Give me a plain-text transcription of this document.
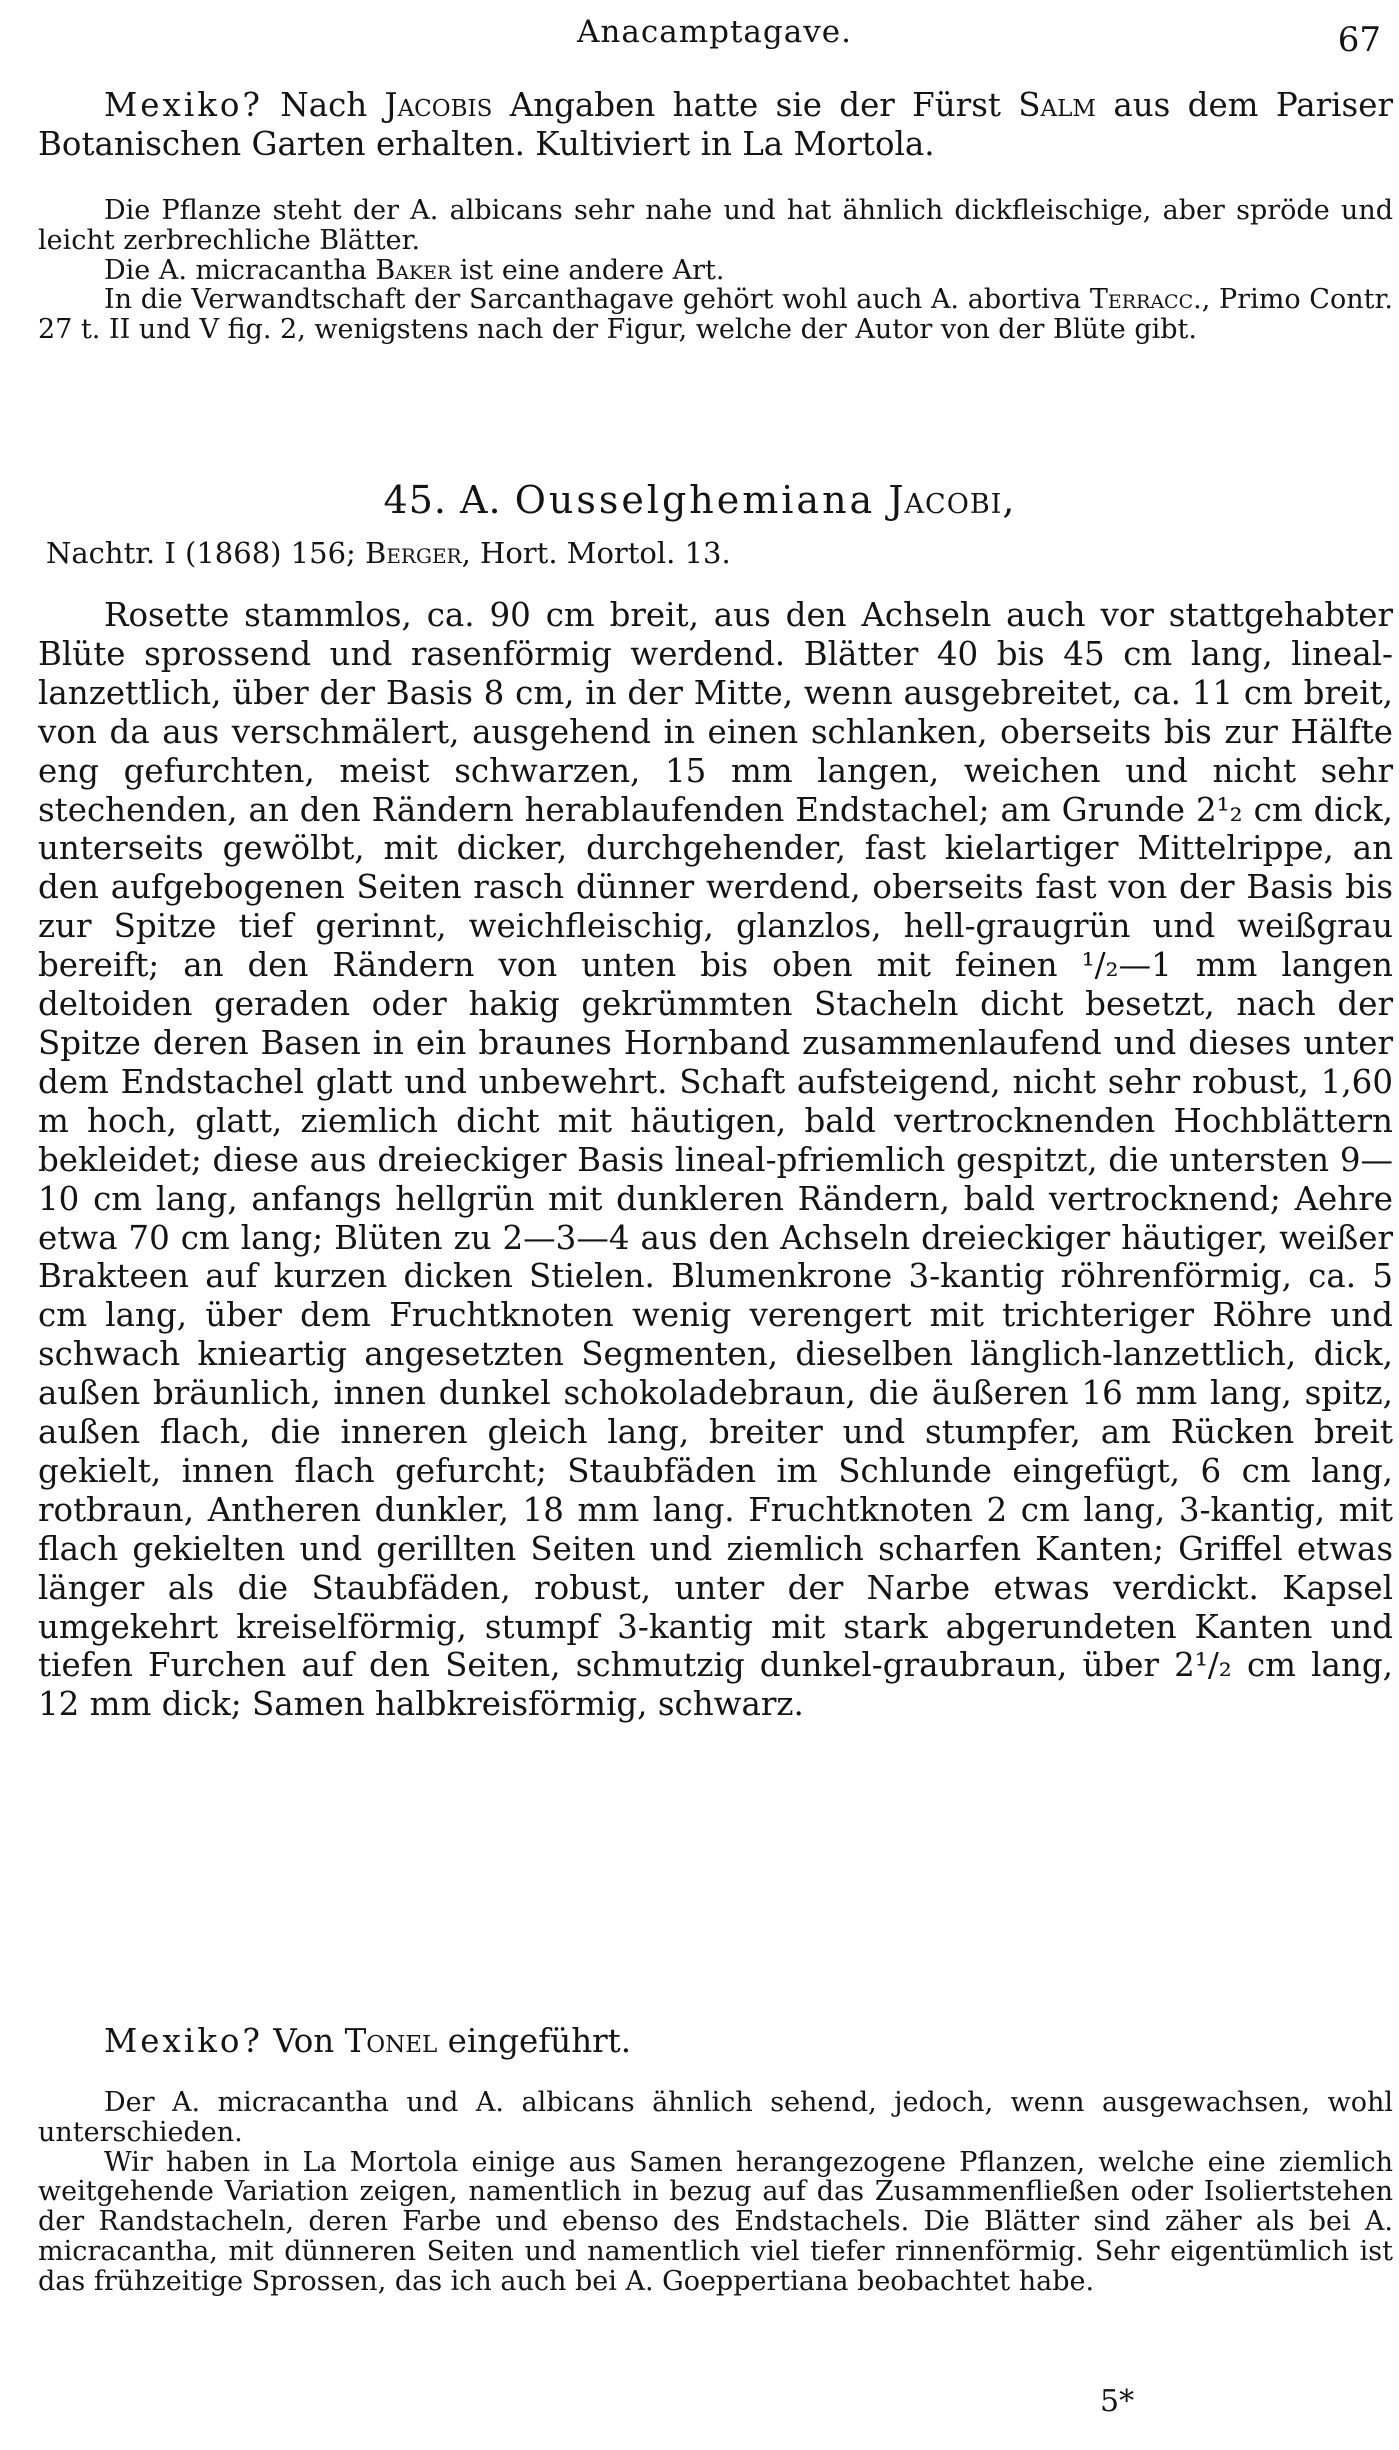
Anacamptagave.	67

Mexiko? Nach Jacobis Angaben hatte sie der Fürst Salm aus dem Pariser Botanischen Garten erhalten. Kultiviert in La Mortola.

Die Pflanze steht der A. albicans sehr nahe und hat ähnlich dickfleischige, aber spröde und leicht zerbrechliche Blätter.

Die A. micracantha Baker ist eine andere Art.

In die Verwandtschaft der Sarcanthagave gehört wohl auch A. abortiva Terracc., Primo Contr. 27 t. II und V fig. 2, wenigstens nach der Figur, welche der Autor von der Blüte gibt.

45. A. Ousselghemiana Jacobi,
Nachtr. I (1868) 156; Berger, Hort. Mortol. 13.

Rosette stammlos, ca. 90 cm breit, aus den Achseln auch vor stattgehabter Blüte sprossend und rasenförmig werdend. Blätter 40 bis 45 cm lang, lineal-lanzettlich, über der Basis 8 cm, in der Mitte, wenn ausgebreitet, ca. 11 cm breit, von da aus verschmälert, ausgehend in einen schlanken, oberseits bis zur Hälfte eng gefurchten, meist schwarzen, 15 mm langen, weichen und nicht sehr stechenden, an den Rändern herablaufenden Endstachel; am Grunde 2¹₂ cm dick, unterseits gewölbt, mit dicker, durchgehender, fast kielartiger Mittelrippe, an den aufgebogenen Seiten rasch dünner werdend, oberseits fast von der Basis bis zur Spitze tief gerinnt, weichfleischig, glanzlos, hell-graugrün und weißgrau bereift; an den Rändern von unten bis oben mit feinen ¹/₂—1 mm langen deltoiden geraden oder hakig gekrümmten Stacheln dicht besetzt, nach der Spitze deren Basen in ein braunes Hornband zusammenlaufend und dieses unter dem Endstachel glatt und unbewehrt. Schaft aufsteigend, nicht sehr robust, 1,60 m hoch, glatt, ziemlich dicht mit häutigen, bald vertrocknenden Hochblättern bekleidet; diese aus dreieckiger Basis lineal-pfriemlich gespitzt, die untersten 9—10 cm lang, anfangs hellgrün mit dunkleren Rändern, bald vertrocknend; Aehre etwa 70 cm lang; Blüten zu 2—3—4 aus den Achseln dreieckiger häutiger, weißer Brakteen auf kurzen dicken Stielen. Blumenkrone 3-kantig röhrenförmig, ca. 5 cm lang, über dem Fruchtknoten wenig verengert mit trichteriger Röhre und schwach knieartig angesetzten Segmenten, dieselben länglich-lanzettlich, dick, außen bräunlich, innen dunkel schokoladebraun, die äußeren 16 mm lang, spitz, außen flach, die inneren gleich lang, breiter und stumpfer, am Rücken breit gekielt, innen flach gefurcht; Staubfäden im Schlunde eingefügt, 6 cm lang, rotbraun, Antheren dunkler, 18 mm lang. Fruchtknoten 2 cm lang, 3-kantig, mit flach gekielten und gerillten Seiten und ziemlich scharfen Kanten; Griffel etwas länger als die Staubfäden, robust, unter der Narbe etwas verdickt. Kapsel umgekehrt kreiselförmig, stumpf 3-kantig mit stark abgerundeten Kanten und tiefen Furchen auf den Seiten, schmutzig dunkel-graubraun, über 2¹/₂ cm lang, 12 mm dick; Samen halbkreisförmig, schwarz.

Mexiko? Von Tonel eingeführt.

Der A. micracantha und A. albicans ähnlich sehend, jedoch, wenn ausgewachsen, wohl unterschieden.

Wir haben in La Mortola einige aus Samen herangezogene Pflanzen, welche eine ziemlich weitgehende Variation zeigen, namentlich in bezug auf das Zusammenfließen oder Isoliertstehen der Randstacheln, deren Farbe und ebenso des Endstachels. Die Blätter sind zäher als bei A. micracantha, mit dünneren Seiten und namentlich viel tiefer rinnenförmig. Sehr eigentümlich ist das frühzeitige Sprossen, das ich auch bei A. Goeppertiana beobachtet habe.

5*
